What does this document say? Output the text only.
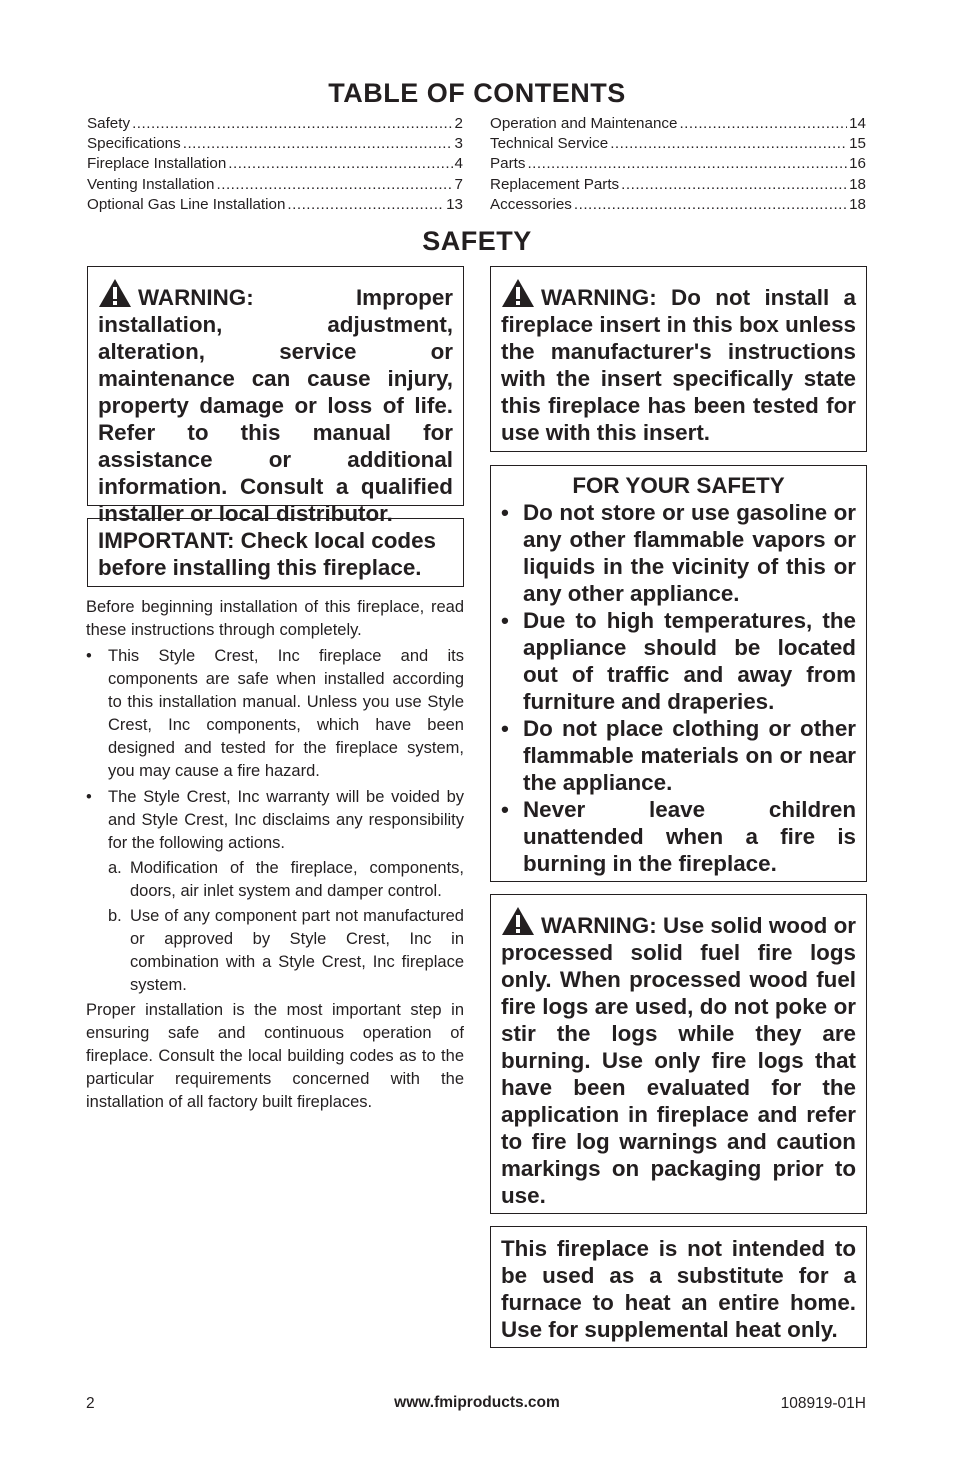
TABLE OF CONTENTS
Safety .....	2
Specifications .....	3
Fireplace Installation .....	4
Venting Installation .....	7
Optional Gas Line Installation .....	13
Operation and Maintenance .....	14
Technical Service .....	15
Parts .....	16
Replacement Parts .....	18
Accessories .....	18
SAFETY

WARNING: Improper installation, adjustment, alteration, service or maintenance can cause injury, property damage or loss of life. Refer to this manual for assistance or additional information. Consult a qualified installer or local distributor.

IMPORTANT: Check local codes before installing this fireplace.

Before beginning installation of this fireplace, read these instructions through completely.

• This Style Crest, Inc fireplace and its components are safe when installed according to this installation manual. Unless you use Style Crest, Inc components, which have been designed and tested for the fireplace system, you may cause a fire hazard.
• The Style Crest, Inc warranty will be voided by and Style Crest, Inc disclaims any responsibility for the following actions.
a. Modification of the fireplace, components, doors, air inlet system and damper control.
b. Use of any component part not manufactured or approved by Style Crest, Inc in combination with a Style Crest, Inc fireplace system.

Proper installation is the most important step in ensuring safe and continuous operation of fireplace. Consult the local building codes as to the particular requirements concerned with the installation of all factory built fireplaces.

WARNING: Do not install a fireplace insert in this box unless the manufacturer's instructions with the insert specifically state this fireplace has been tested for use with this insert.

FOR YOUR SAFETY

• Do not store or use gasoline or any other flammable vapors or liquids in the vicinity of this or any other appliance.

• Due to high temperatures, the appliance should be located out of traffic and away from furniture and draperies.

• Do not place clothing or other flammable materials on or near the appliance.

• Never leave children unattended when a fire is burning in the fireplace.

WARNING: Use solid wood or processed solid fuel fire logs only. When processed wood fuel fire logs are used, do not poke or stir the logs while they are burning. Use only fire logs that have been evaluated for the application in fireplace and refer to fire log warnings and caution markings on packaging prior to use.

This fireplace is not intended to be used as a substitute for a furnace to heat an entire home. Use for supplemental heat only.

2	www.fmiproducts.com	108919-01H
